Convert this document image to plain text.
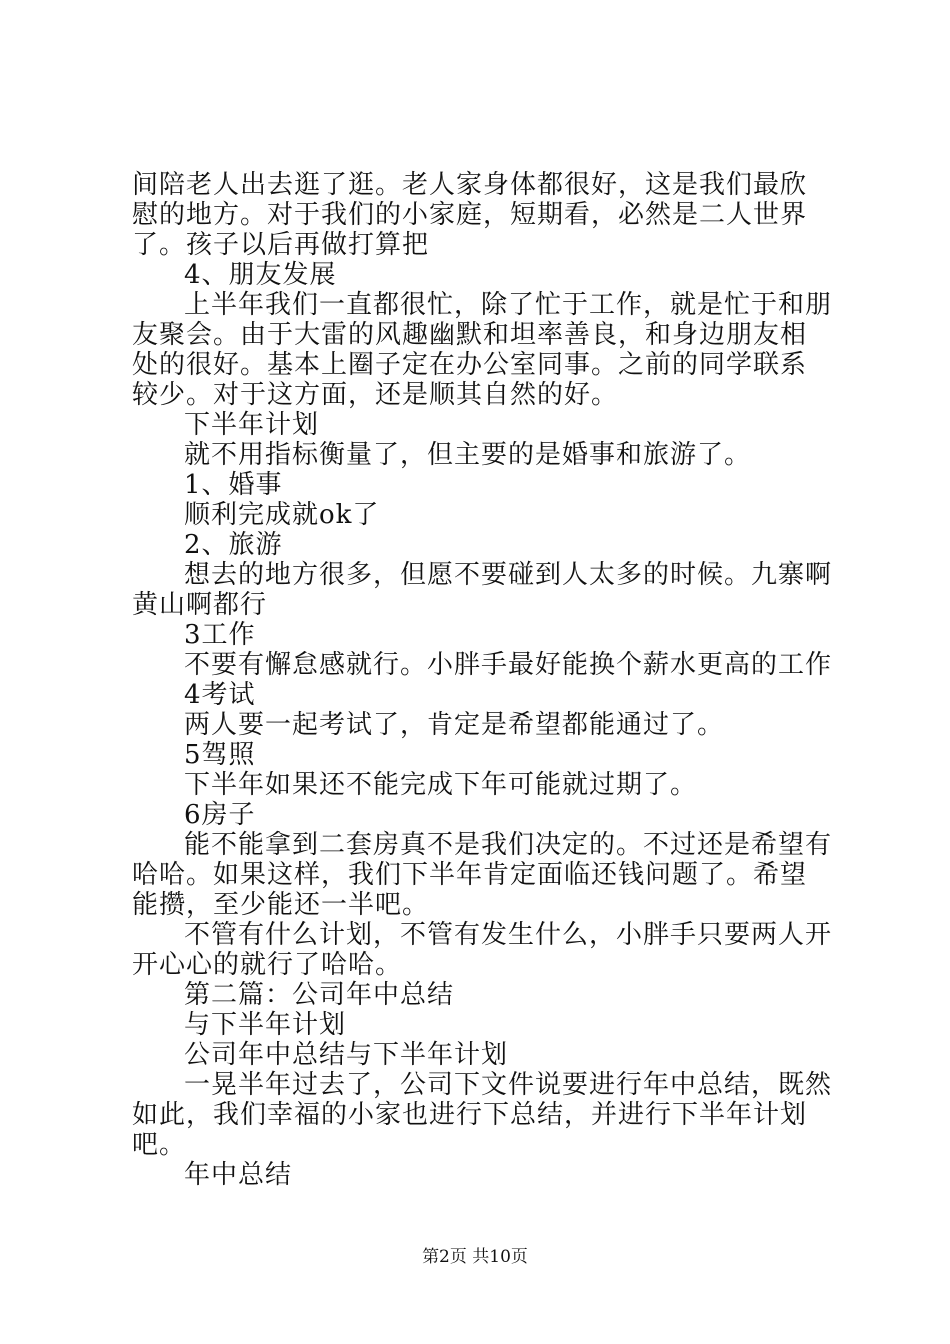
间陪老人出去逛了逛。老人家身体都很好，这是我们最欣慰的地方。对于我们的小家庭，短期看，必然是二人世界了。孩子以后再做打算把

4、朋友发展

上半年我们一直都很忙，除了忙于工作，就是忙于和朋友聚会。由于大雷的风趣幽默和坦率善良，和身边朋友相处的很好。基本上圈子定在办公室同事。之前的同学联系较少。对于这方面，还是顺其自然的好。

下半年计划

就不用指标衡量了，但主要的是婚事和旅游了。

1、婚事

顺利完成就ok了

2、旅游

想去的地方很多，但愿不要碰到人太多的时候。九寨啊黄山啊都行

3工作

不要有懈怠感就行。小胖手最好能换个薪水更高的工作

4考试

两人要一起考试了，肯定是希望都能通过了。

5驾照

下半年如果还不能完成下年可能就过期了。

6房子

能不能拿到二套房真不是我们决定的。不过还是希望有哈哈。如果这样，我们下半年肯定面临还钱问题了。希望能攒，至少能还一半吧。

不管有什么计划，不管有发生什么，小胖手只要两人开开心心的就行了哈哈。

第二篇：公司年中总结

与下半年计划

公司年中总结与下半年计划

一晃半年过去了，公司下文件说要进行年中总结，既然如此，我们幸福的小家也进行下总结，并进行下半年计划吧。

年中总结

第2页 共10页
